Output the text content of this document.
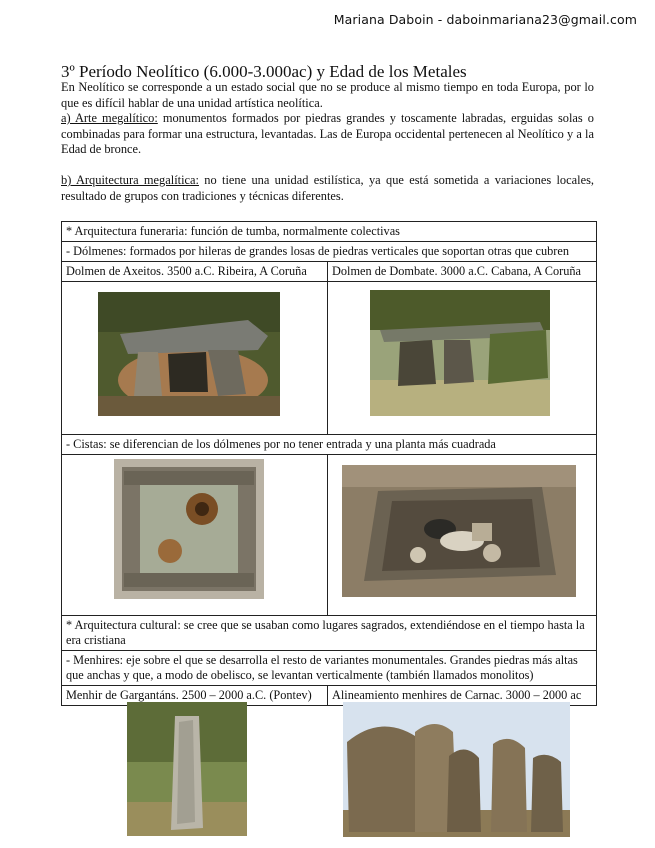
Mariana Daboin - daboinmariana23@gmail.com
3º Período Neolítico (6.000-3.000ac) y Edad de los Metales
En Neolítico se corresponde a un estado social que no se produce al mismo tiempo en toda Europa, por lo que es difícil hablar de una unidad artística neolítica.
a) Arte megalítico: monumentos formados por piedras grandes y toscamente labradas, erguidas solas o combinadas para formar una estructura, levantadas. Las de Europa occidental pertenecen al Neolítico y a la Edad de bronce.
b) Arquitectura megalítica: no tiene una unidad estilística, ya que está sometida a variaciones locales, resultado de grupos con tradiciones y técnicas diferentes.
* Arquitectura funeraria: función de tumba, normalmente colectivas	
- Dólmenes: formados por hileras de grandes losas de piedras verticales que soportan otras que cubren	
Dolmen de Axeitos. 3500 a.C. Ribeira, A Coruña	Dolmen de Dombate. 3000 a.C. Cabana, A Coruña

- Cistas: se diferencian de los dólmenes por no tener entrada y una planta más cuadrada	

* Arquitectura cultural: se cree que se usaban como lugares sagrados, extendiéndose en el tiempo hasta la era cristiana	
- Menhires: eje sobre el que se desarrolla el resto de variantes monumentales. Grandes piedras más altas que anchas y que, a modo de obelisco, se levantan verticalmente (también llamados monolitos)	
Menhir de Gargantáns. 2500 – 2000 a.C. (Pontev)	Alineamiento menhires de Carnac. 3000 – 2000 ac
